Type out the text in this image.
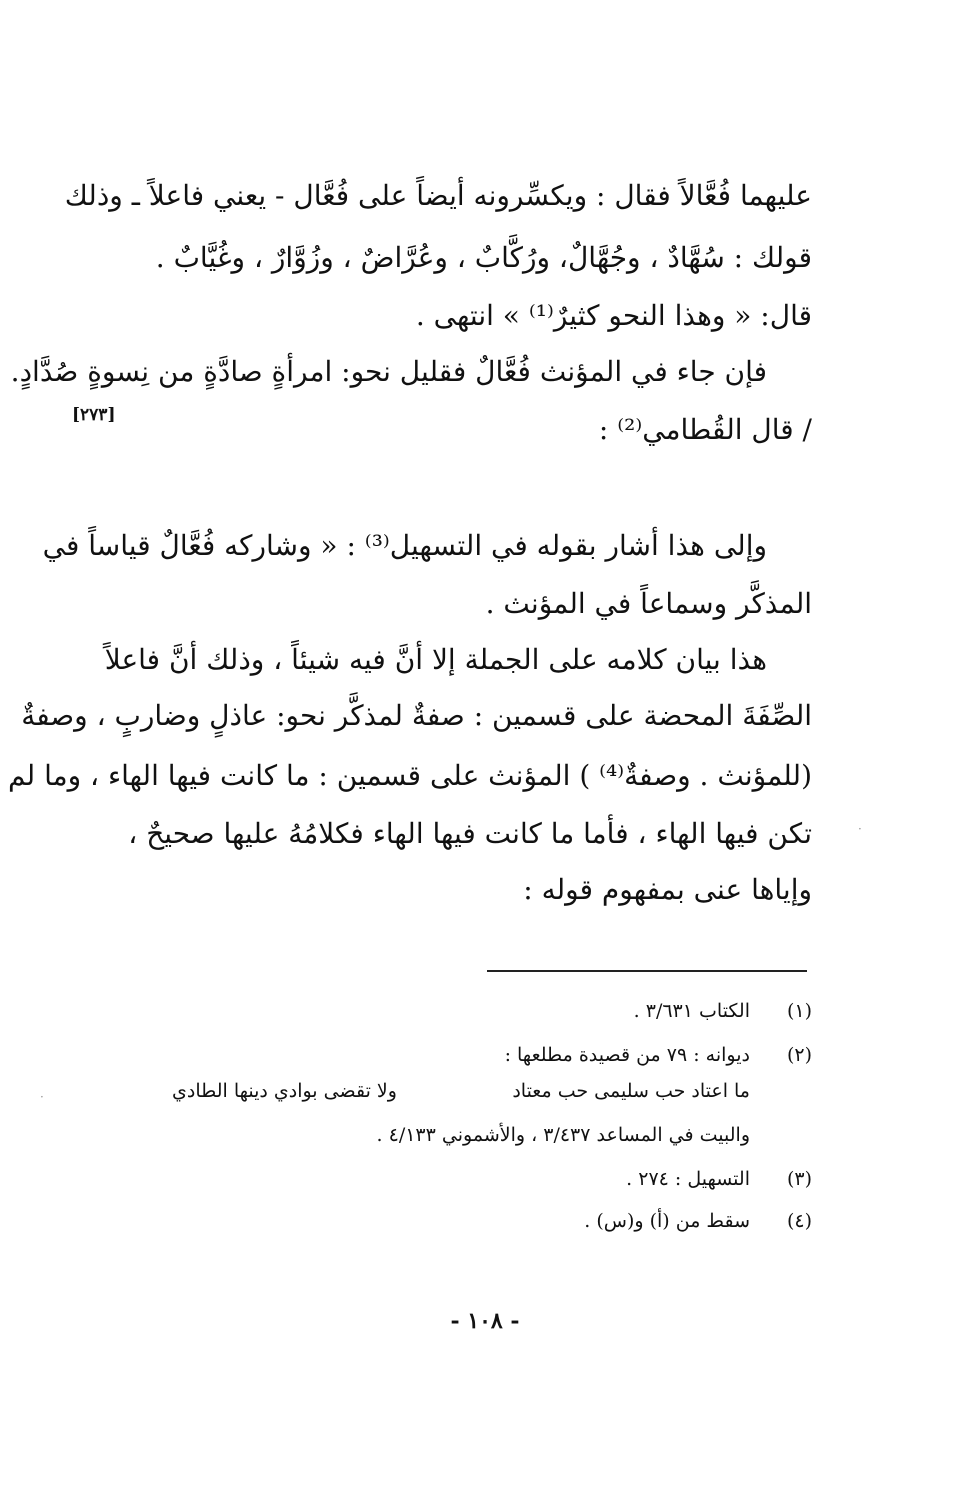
عليهما فُعَّالاً فقال : ويكسِّرونه أيضاً على فُعَّال - يعني فاعلاً ـ وذلك
قولك : سُهَّادٌ ، وجُهَّالٌ، ورُكَّابٌ ، وعُرَّاضٌ ، وزُوَّارٌ ، وغُيَّابٌ .
قال: « وهذا النحو كثيرٌ⁽¹⁾ » انتهى .
فإن جاء في المؤنث فُعَّالٌ فقليل نحو: امرأةٍ صادَّةٍ من نِسوةٍ صُدَّادٍ.
/ قال القُطامي⁽²⁾ :
[٢٧٣]
وإلى هذا أشار بقوله في التسهيل⁽³⁾ : « وشاركه فُعَّالٌ قياساً في
المذكَّر وسماعاً في المؤنث .
هذا بيان كلامه على الجملة إلا أنَّ فيه شيئاً ، وذلك أنَّ فاعلاً
الصِّفَةَ المحضة على قسمين : صفةٌ لمذكَّر نحو: عاذلٍ وضاربٍ ، وصفةٌ
(للمؤنث . وصفةٌ⁽⁴⁾ ) المؤنث على قسمين : ما كانت فيها الهاء ، وما لم
تكن فيها الهاء ، فأما ما كانت فيها الهاء فكلامُهُ عليها صحيحٌ ،
وإياها عنى بمفهوم قوله :
(١)
الكتاب ٣/٦٣١ .
(٢)
ديوانه : ٧٩ من قصيدة مطلعها :
ما اعتاد حب سليمى حب معتاد
ولا تقضى بوادي دينها الطادي
والبيت في المساعد ٣/٤٣٧ ، والأشموني ٤/١٣٣ .
(٣)
التسهيل : ٢٧٤ .
(٤)
سقط من (أ) و(س) .
- ١٠٨ -
·
·
